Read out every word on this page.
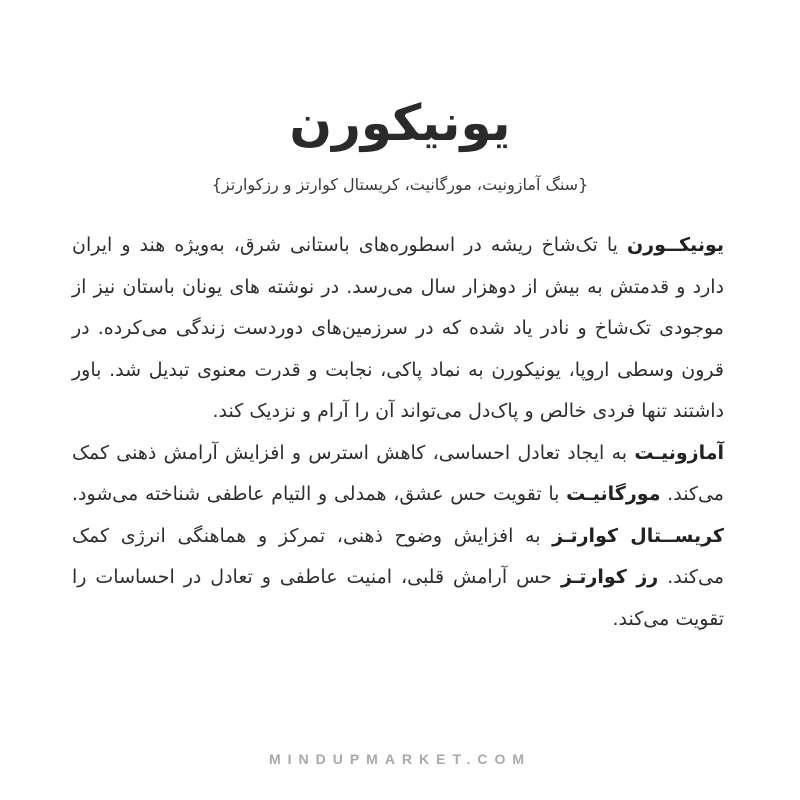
یونیکورن
{سنگ آمازونیت، مورگانیت، کریستال کوارتز و رزکوارتز}

یونیکــورن یا تک‌شاخ ریشه در اسطوره‌های باستانی شرق، به‌ویژه هند و ایران دارد و قدمتش به بیش از دوهزار سال می‌رسد. در نوشته های یونان باستان نیز از موجودی تک‌شاخ و نادر یاد شده که در سرزمین‌های دوردست زندگی می‌کرده. در قرون وسطی اروپا، یونیکورن به نماد پاکی، نجابت و قدرت معنوی تبدیل شد. باور داشتند تنها فردی خالص و پاک‌دل می‌تواند آن را آرام و نزدیک کند.

آمازونیـت به ایجاد تعادل احساسی، کاهش استرس و افزایش آرامش ذهنی کمک می‌کند. مورگانیـت با تقویت حس عشق، همدلی و التیام عاطفی شناخته می‌شود. کریســتال کوارتـز به افزایش وضوح ذهنی، تمرکز و هماهنگی انرژی کمک می‌کند. رز کوارتـز حس آرامش قلبی، امنیت عاطفی و تعادل در احساسات را تقویت می‌کند.

MINDUPMARKET.COM
